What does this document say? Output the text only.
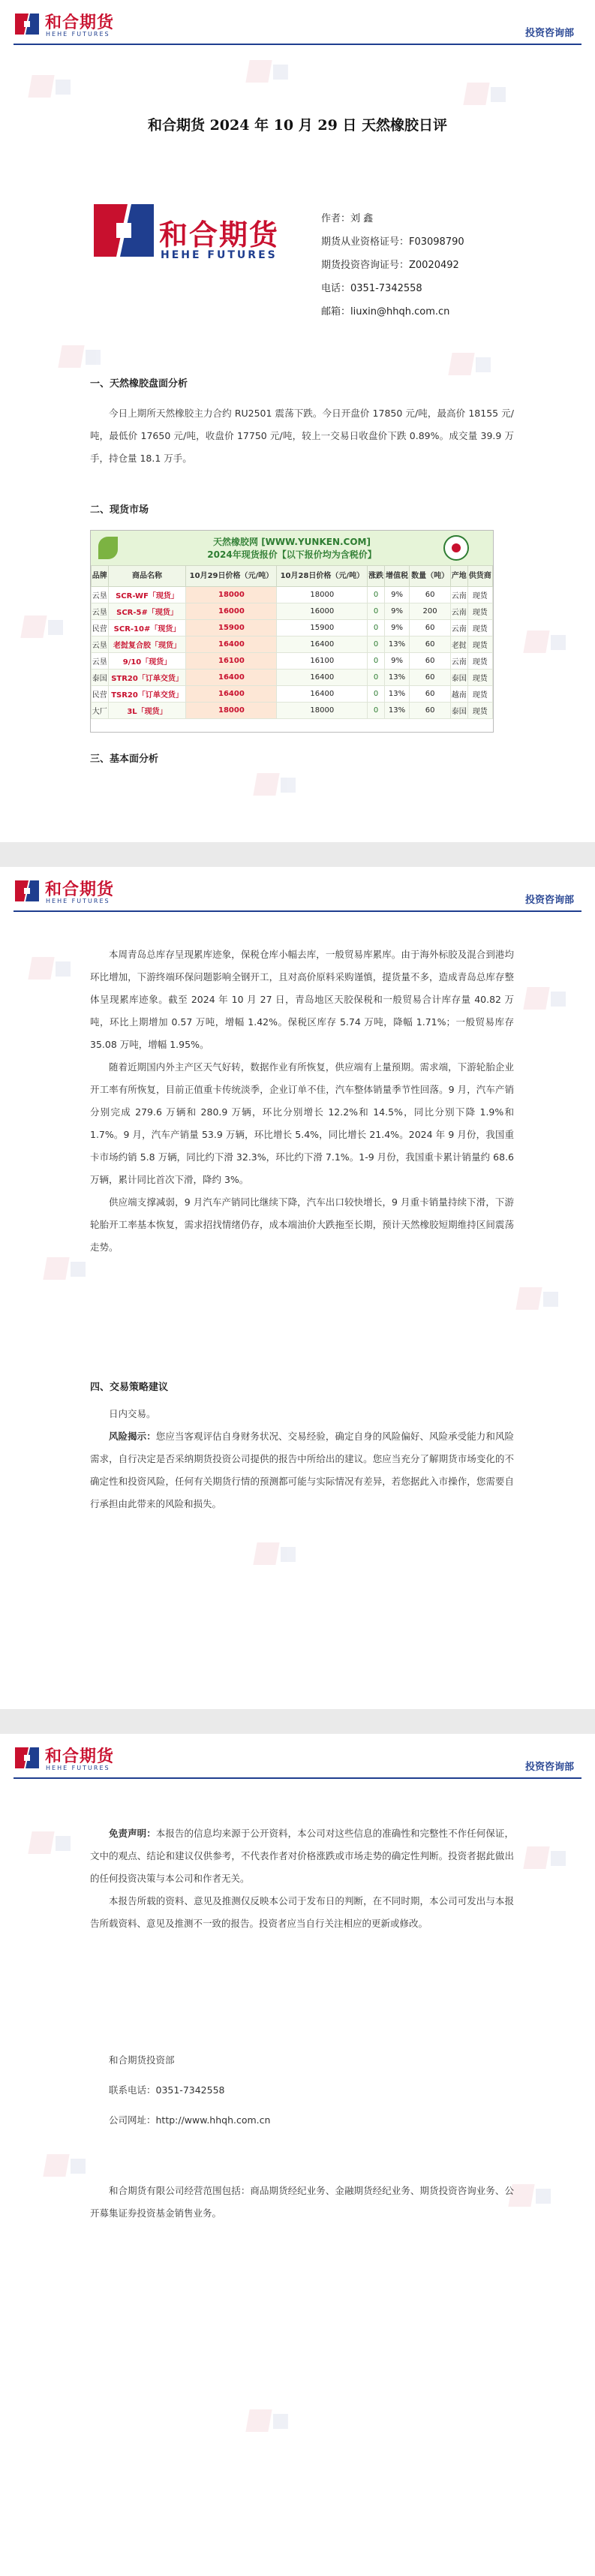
和合期货
HEHE FUTURES	投资咨询部
和合期货 2024 年 10 月 29 日 天然橡胶日评
和合期货
HEHE FUTURES
作者：刘 鑫
期货从业资格证号：F03098790
期货投资咨询证号：Z0020492
电话：0351-7342558
邮箱：liuxin@hhqh.com.cn
一、天然橡胶盘面分析

今日上期所天然橡胶主力合约 RU2501 震荡下跌。今日开盘价 17850 元/吨，最高价 18155 元/吨，最低价 17650 元/吨，收盘价 17750 元/吨，较上一交易日收盘价下跌 0.89%。成交量 39.9 万手，持仓量 18.1 万手。

二、现货市场
天然橡胶网 [WWW.YUNKEN.COM]
2024年现货报价【以下报价均为含税价】
品牌	商品名称	10月29日价格（元/吨）	10月28日价格（元/吨）	涨跌	增值税	数量（吨）	产地	供货商
云垦	SCR-WF「现货」	18000	18000	0	9%	60	云南	现货
云垦	SCR-5#「现货」	16000	16000	0	9%	200	云南	现货
民营	SCR-10#「现货」	15900	15900	0	9%	60	云南	现货
云垦	老挝复合胶「现货」	16400	16400	0	13%	60	老挝	现货
云垦	9/10「现货」	16100	16100	0	9%	60	云南	现货
泰国	STR20「订单交货」	16400	16400	0	13%	60	泰国	现货
民营	TSR20「订单交货」	16400	16400	0	13%	60	越南	现货
大厂	3L「现货」	18000	18000	0	13%	60	泰国	现货
三、基本面分析
和合期货
HEHE FUTURES	投资咨询部

本周青岛总库存呈现累库迹象，保税仓库小幅去库，一般贸易库累库。由于海外标胶及混合到港均环比增加，下游终端环保问题影响全钢开工，且对高价原料采购谨慎，提货量不多，造成青岛总库存整体呈现累库迹象。截至 2024 年 10 月 27 日，青岛地区天胶保税和一般贸易合计库存量 40.82 万吨，环比上期增加 0.57 万吨，增幅 1.42%。保税区库存 5.74 万吨，降幅 1.71%；一般贸易库存 35.08 万吨，增幅 1.95%。

随着近期国内外主产区天气好转，数据作业有所恢复，供应端有上量预期。需求端，下游轮胎企业开工率有所恢复，目前正值重卡传统淡季，企业订单不佳，汽车整体销量季节性回落。9 月，汽车产销分别完成 279.6 万辆和 280.9 万辆，环比分别增长 12.2%和 14.5%，同比分别下降 1.9%和 1.7%。9 月，汽车产销量 53.9 万辆，环比增长 5.4%，同比增长 21.4%。2024 年 9 月份，我国重卡市场约销 5.8 万辆，同比约下滑 32.3%，环比约下滑 7.1%。1-9 月份，我国重卡累计销量约 68.6 万辆，累计同比首次下滑，降约 3%。

供应端支撑减弱，9 月汽车产销同比继续下降，汽车出口较快增长，9 月重卡销量持续下滑，下游轮胎开工率基本恢复，需求招找情绪仍存，成本端油价大跌拖至长期，预计天然橡胶短期维持区间震荡走势。

四、交易策略建议

日内交易。

风险揭示：您应当客观评估自身财务状况、交易经验，确定自身的风险偏好、风险承受能力和风险需求，自行决定是否采纳期货投资公司提供的报告中所给出的建议。您应当充分了解期货市场变化的不确定性和投资风险，任何有关期货行情的预测都可能与实际情况有差异，若您据此入市操作，您需要自行承担由此带来的风险和损失。

和合期货
HEHE FUTURES	投资咨询部

免责声明：本报告的信息均来源于公开资料，本公司对这些信息的准确性和完整性不作任何保证，文中的观点、结论和建议仅供参考，不代表作者对价格涨跌或市场走势的确定性判断。投资者据此做出的任何投资决策与本公司和作者无关。

本报告所载的资料、意见及推测仅反映本公司于发布日的判断，在不同时期，本公司可发出与本报告所载资料、意见及推测不一致的报告。投资者应当自行关注相应的更新或修改。

和合期货投资部

联系电话：0351-7342558

公司网址：http://www.hhqh.com.cn

和合期货有限公司经营范围包括：商品期货经纪业务、金融期货经纪业务、期货投资咨询业务、公开募集证券投资基金销售业务。
